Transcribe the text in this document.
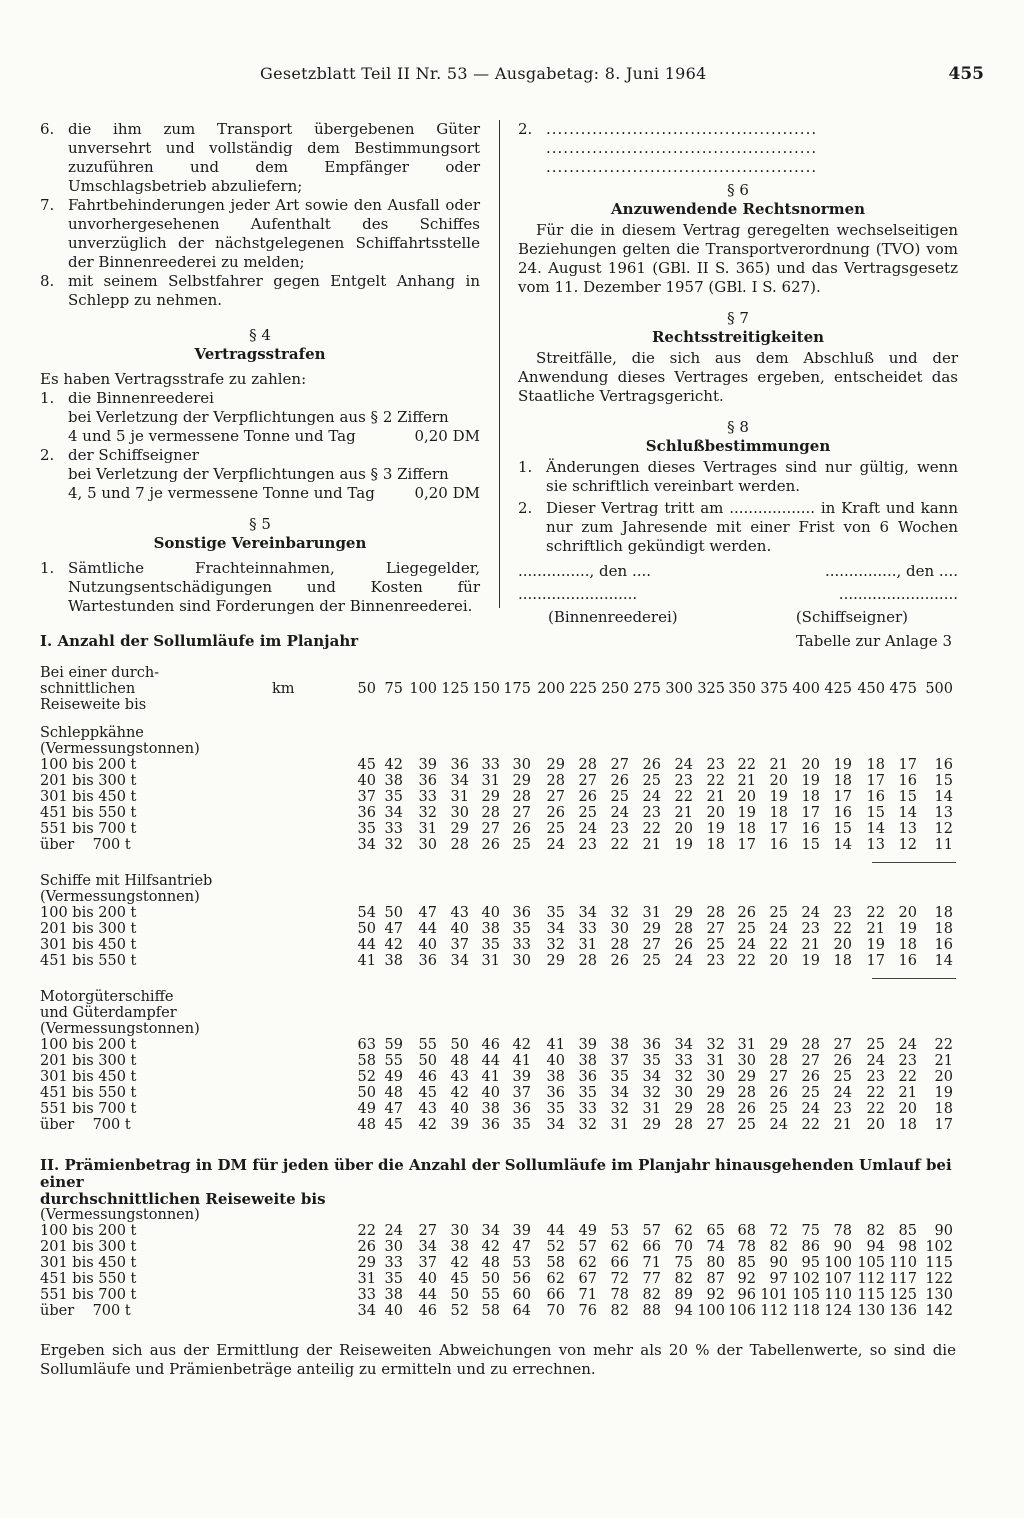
Gesetzblatt Teil II Nr. 53 — Ausgabetag: 8. Juni 1964	455
6. die ihm zum Transport übergebenen Güter unversehrt und vollständig dem Bestimmungsort zuzuführen und dem Empfänger oder Umschlagsbetrieb abzuliefern;
7. Fahrtbehinderungen jeder Art sowie den Ausfall oder unvorhergesehenen Aufenthalt des Schiffes unverzüglich der nächstgelegenen Schiffahrtsstelle der Binnenreederei zu melden;
8. mit seinem Selbstfahrer gegen Entgelt Anhang in Schlepp zu nehmen.
§ 4
Vertragsstrafen
Es haben Vertragsstrafe zu zahlen:
1. die Binnenreederei
bei Verletzung der Verpflichtungen aus § 2 Ziffern
4 und 5 je vermessene Tonne und Tag	0,20 DM
2. der Schiffseigner
bei Verletzung der Verpflichtungen aus § 3 Ziffern
4, 5 und 7 je vermessene Tonne und Tag	0,20 DM
§ 5
Sonstige Vereinbarungen
1. Sämtliche Frachteinnahmen, Liegegelder, Nutzungsentschädigungen und Kosten für Wartestunden sind Forderungen der Binnenreederei.
2. ...............................................
...............................................
...............................................
§ 6
Anzuwendende Rechtsnormen
Für die in diesem Vertrag geregelten wechselseitigen Beziehungen gelten die Transportverordnung (TVO) vom 24. August 1961 (GBl. II S. 365) und das Vertragsgesetz vom 11. Dezember 1957 (GBl. I S. 627).
§ 7
Rechtsstreitigkeiten
Streitfälle, die sich aus dem Abschluß und der Anwendung dieses Vertrages ergeben, entscheidet das Staatliche Vertragsgericht.
§ 8
Schlußbestimmungen
1. Änderungen dieses Vertrages sind nur gültig, wenn sie schriftlich vereinbart werden.
2. Dieser Vertrag tritt am .................. in Kraft und kann nur zum Jahresende mit einer Frist von 6 Wochen schriftlich gekündigt werden.
..............., den ....	..............., den ....
.........................	.........................
(Binnenreederei)	(Schiffseigner)
I. Anzahl der Sollumläufe im Planjahr	Tabelle zur Anlage 3
Bei einer durch-
schnittlichen	km	50 75 100 125 150 175 200 225 250 275 300 325 350 375 400 425 450 475 500
Reiseweite bis
Schleppkähne
(Vermessungstonnen)
100 bis 200 t	45 42	39 36 33 30	29 28 27 26 24 23 22 21 20 19	18 17	16
201 bis 300 t	40 38	36 34 31 29	28 27 26 25 23 22 21 20 19 18	17 16	15
301 bis 450 t	37 35	33 31 29 28	27 26 25 24 22 21 20 19 18 17	16 15	14
451 bis 550 t	36 34	32 30 28 27	26 25 24 23 21 20 19 18 17 16	15 14	13
551 bis 700 t	35 33	31 29 27 26	25 24 23 22 20 19 18 17 16 15	14 13	12
über    700 t	34 32	30 28 26 25	24 23 22 21 19 18 17 16 15 14	13 12	11
Schiffe mit Hilfsantrieb
(Vermessungstonnen)
100 bis 200 t	54 50	47 43 40 36	35 34 32 31 29 28 26 25 24 23	22 20	18
201 bis 300 t	50 47	44 40 38 35	34 33 30 29 28 27 25 24 23 22	21 19	18
301 bis 450 t	44 42	40 37 35 33	32 31 28 27 26 25 24 22 21 20	19 18	16
451 bis 550 t	41 38	36 34 31 30	29 28 26 25 24 23 22 20 19 18	17 16	14
Motorgüterschiffe
und Güterdampfer
(Vermessungstonnen)
100 bis 200 t	63 59	55 50 46 42	41 39 38 36 34 32 31 29 28 27	25 24	22
201 bis 300 t	58 55	50 48 44 41	40 38 37 35 33 31 30 28 27 26	24 23	21
301 bis 450 t	52 49	46 43 41 39	38 36 35 34 32 30 29 27 26 25	23 22	20
451 bis 550 t	50 48	45 42 40 37	36 35 34 32 30 29 28 26 25 24	22 21	19
551 bis 700 t	49 47	43 40 38 36	35 33 32 31 29 28 26 25 24 23	22 20	18
über    700 t	48 45	42 39 36 35	34 32 31 29 28 27 25 24 22 21	20 18	17
II. Prämienbetrag in DM für jeden über die Anzahl der Sollumläufe im Planjahr hinausgehenden Umlauf bei einer
durchschnittlichen Reiseweite bis
(Vermessungstonnen)
100 bis 200 t	22 24	27 30 34 39	44 49 53 57 62 65 68 72 75 78	82 85	90
201 bis 300 t	26 30	34 38 42 47	52 57 62 66 70 74 78 82 86 90	94 98 102
301 bis 450 t	29 33	37 42 48 53	58 62 66 71 75 80 85 90 95 100 105 110 115
451 bis 550 t	31 35	40 45 50 56	62 67 72 77 82 87 92 97 102 107 112 117 122
551 bis 700 t	33 38	44 50 55 60	66 71 78 82 89 92 96 101 105 110 115 125 130
über    700 t	34 40	46 52 58 64	70 76 82 88 94 100 106 112 118 124 130 136 142
Ergeben sich aus der Ermittlung der Reiseweiten Abweichungen von mehr als 20 % der Tabellenwerte, so sind die Sollumläufe und Prämienbeträge anteilig zu ermitteln und zu errechnen.
